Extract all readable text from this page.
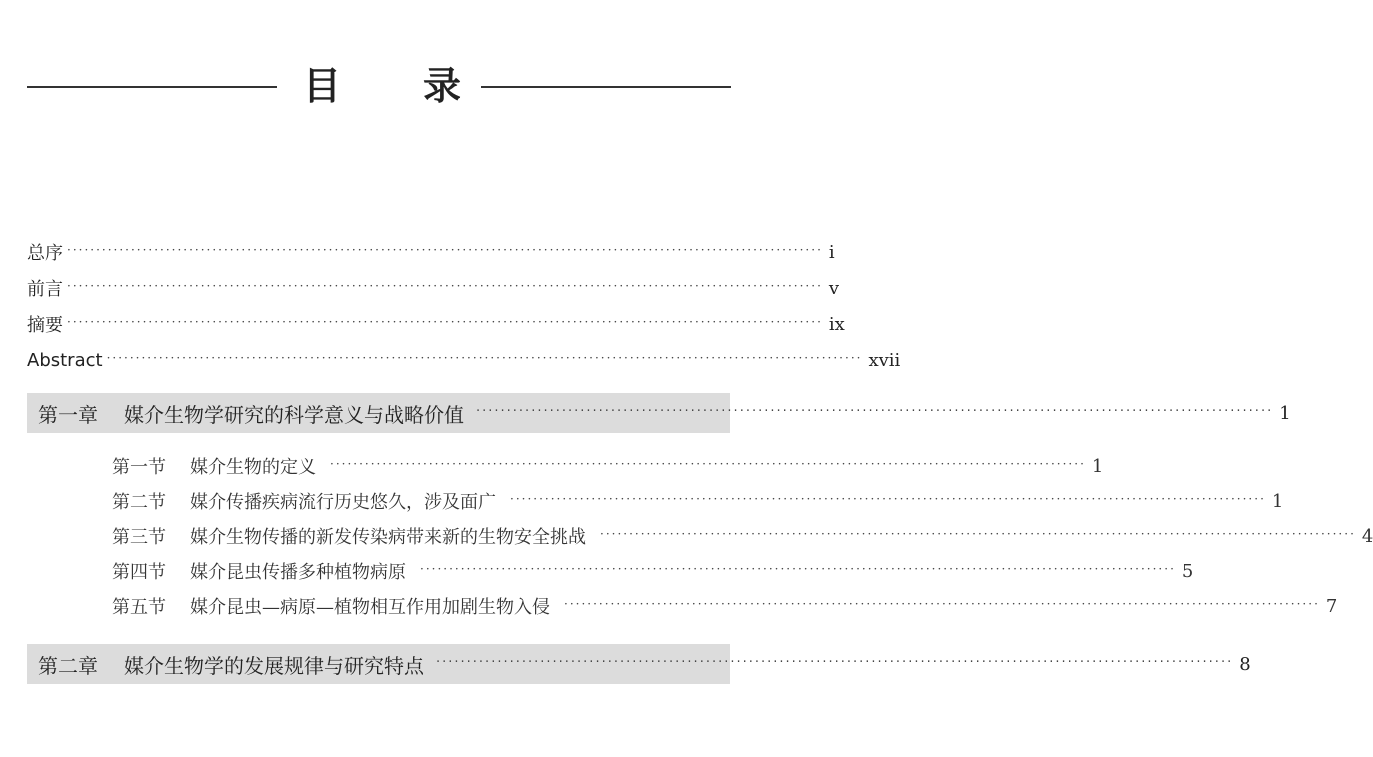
目 录
总序 ·································································································································· i
前言 ·································································································································· v
摘要 ·································································································································· ix
Abstract ·································································································································· xvii
第一章 媒介生物学研究的科学意义与战略价值 ·································································································································· 1
第一节 媒介生物的定义 ·································································································································· 1
第二节 媒介传播疾病流行历史悠久，涉及面广 ·································································································································· 1
第三节 媒介生物传播的新发传染病带来新的生物安全挑战 ·································································································································· 4
第四节 媒介昆虫传播多种植物病原 ·································································································································· 5
第五节 媒介昆虫—病原—植物相互作用加剧生物入侵 ·································································································································· 7
第二章 媒介生物学的发展规律与研究特点 ·································································································································· 8
